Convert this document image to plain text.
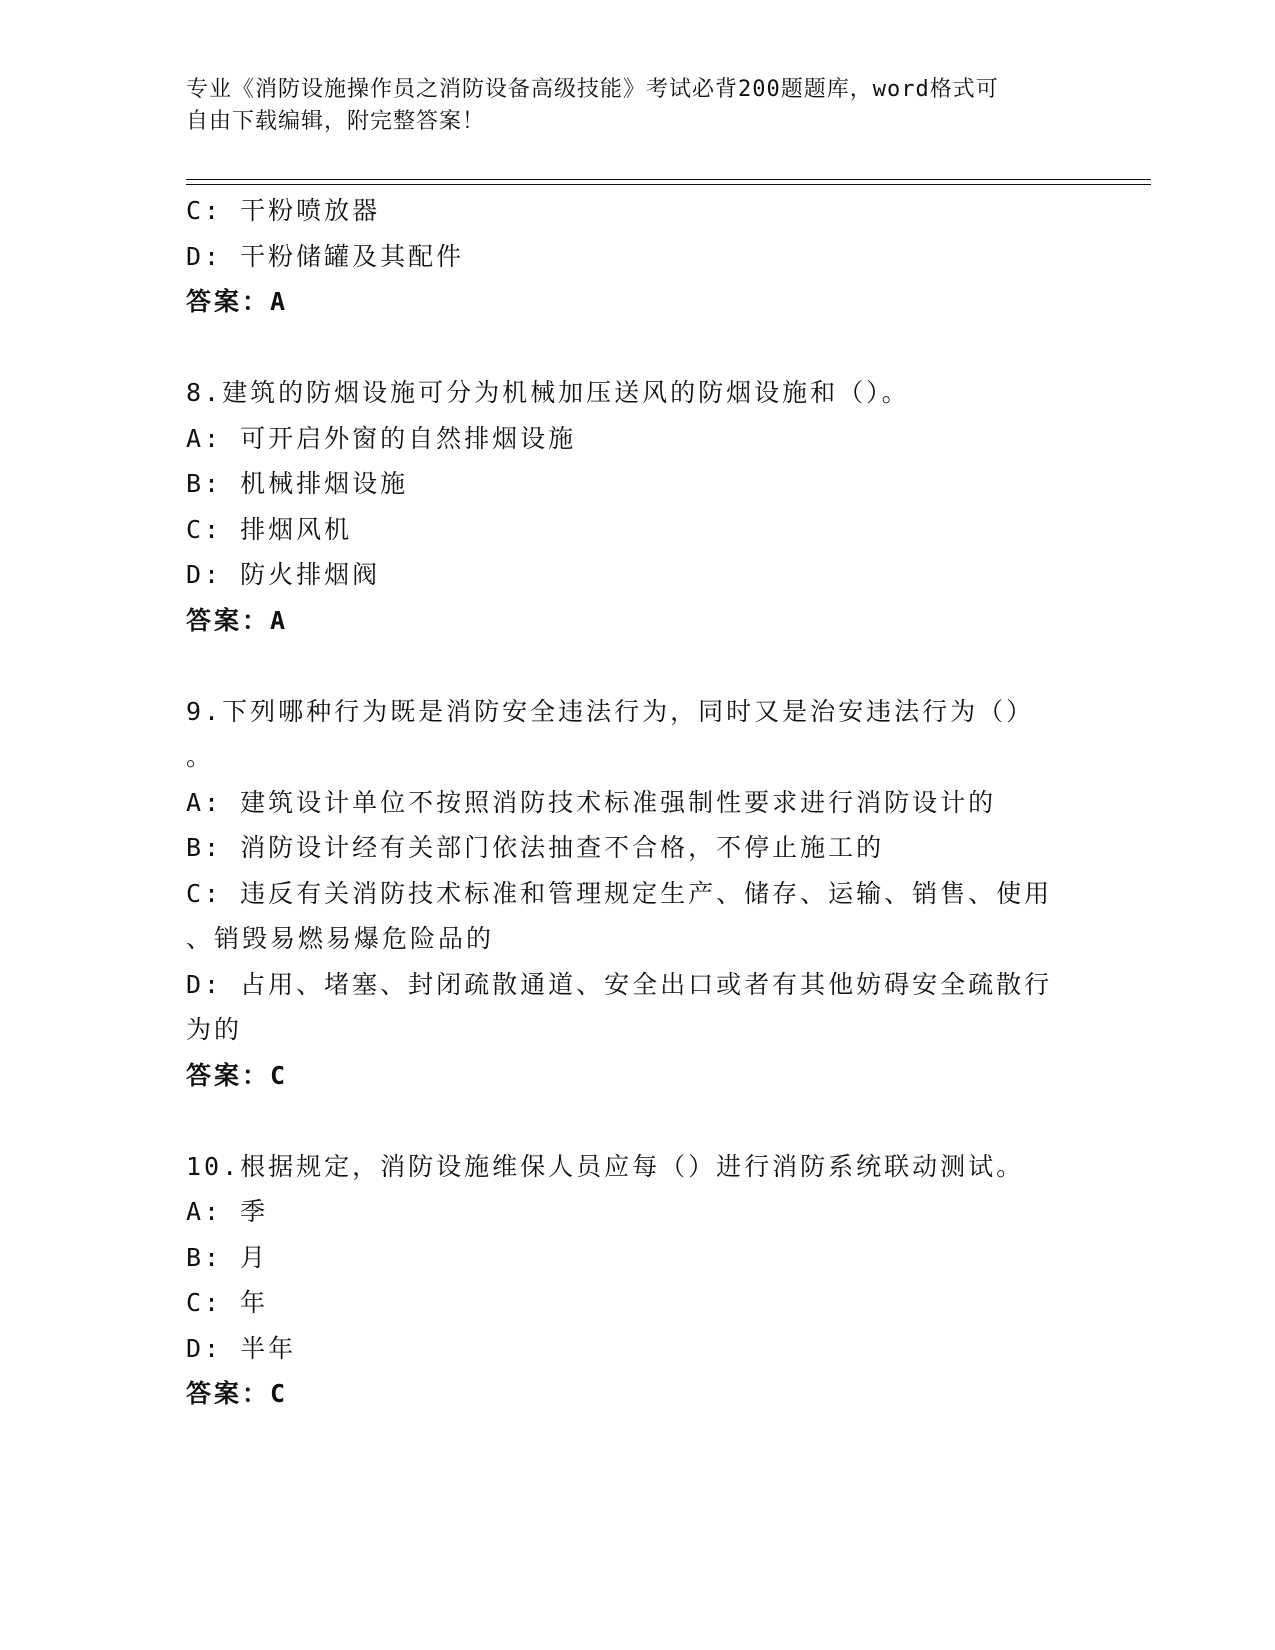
专业《消防设施操作员之消防设备高级技能》考试必背200题题库，word格式可
自由下载编辑，附完整答案！
C: 干粉喷放器
D: 干粉储罐及其配件
答案：A
8.建筑的防烟设施可分为机械加压送风的防烟设施和（）。
A: 可开启外窗的自然排烟设施
B: 机械排烟设施
C: 排烟风机
D: 防火排烟阀
答案：A
9.下列哪种行为既是消防安全违法行为，同时又是治安违法行为（）
。
A: 建筑设计单位不按照消防技术标准强制性要求进行消防设计的
B: 消防设计经有关部门依法抽查不合格，不停止施工的
C: 违反有关消防技术标准和管理规定生产、储存、运输、销售、使用
、销毁易燃易爆危险品的
D: 占用、堵塞、封闭疏散通道、安全出口或者有其他妨碍安全疏散行
为的
答案：C
10.根据规定，消防设施维保人员应每（）进行消防系统联动测试。
A: 季
B: 月
C: 年
D: 半年
答案：C
